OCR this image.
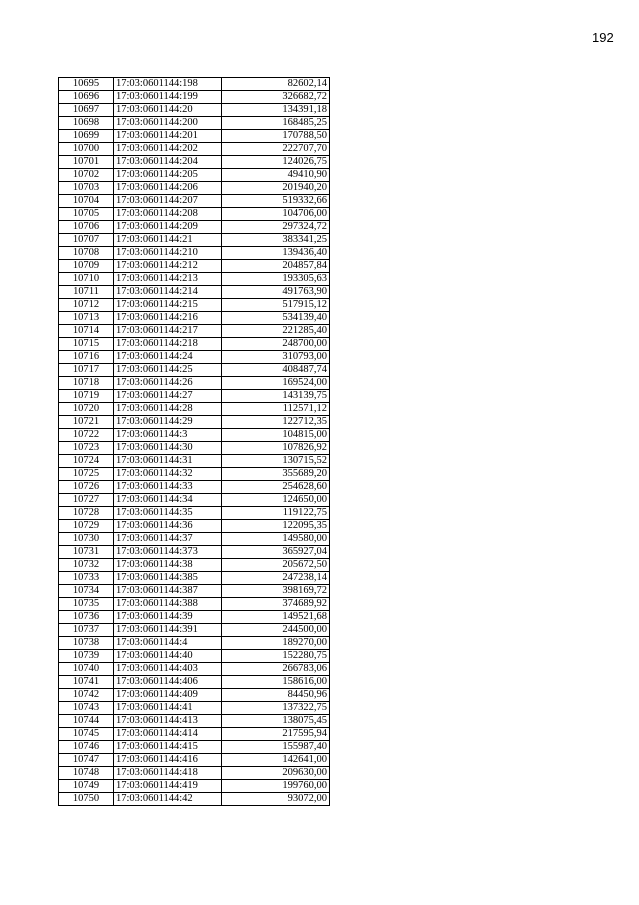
192
10695	17:03:0601144:198	82602,14
10696	17:03:0601144:199	326682,72
10697	17:03:0601144:20	134391,18
10698	17:03:0601144:200	168485,25
10699	17:03:0601144:201	170788,50
10700	17:03:0601144:202	222707,70
10701	17:03:0601144:204	124026,75
10702	17:03:0601144:205	49410,90
10703	17:03:0601144:206	201940,20
10704	17:03:0601144:207	519332,66
10705	17:03:0601144:208	104706,00
10706	17:03:0601144:209	297324,72
10707	17:03:0601144:21	383341,25
10708	17:03:0601144:210	139436,40
10709	17:03:0601144:212	204857,84
10710	17:03:0601144:213	193305,63
10711	17:03:0601144:214	491763,90
10712	17:03:0601144:215	517915,12
10713	17:03:0601144:216	534139,40
10714	17:03:0601144:217	221285,40
10715	17:03:0601144:218	248700,00
10716	17:03:0601144:24	310793,00
10717	17:03:0601144:25	408487,74
10718	17:03:0601144:26	169524,00
10719	17:03:0601144:27	143139,75
10720	17:03:0601144:28	112571,12
10721	17:03:0601144:29	122712,35
10722	17:03:0601144:3	104815,00
10723	17:03:0601144:30	107826,92
10724	17:03:0601144:31	130715,52
10725	17:03:0601144:32	355689,20
10726	17:03:0601144:33	254628,60
10727	17:03:0601144:34	124650,00
10728	17:03:0601144:35	119122,75
10729	17:03:0601144:36	122095,35
10730	17:03:0601144:37	149580,00
10731	17:03:0601144:373	365927,04
10732	17:03:0601144:38	205672,50
10733	17:03:0601144:385	247238,14
10734	17:03:0601144:387	398169,72
10735	17:03:0601144:388	374689,92
10736	17:03:0601144:39	149521,68
10737	17:03:0601144:391	244500,00
10738	17:03:0601144:4	189270,00
10739	17:03:0601144:40	152280,75
10740	17:03:0601144:403	266783,06
10741	17:03:0601144:406	158616,00
10742	17:03:0601144:409	84450,96
10743	17:03:0601144:41	137322,75
10744	17:03:0601144:413	138075,45
10745	17:03:0601144:414	217595,94
10746	17:03:0601144:415	155987,40
10747	17:03:0601144:416	142641,00
10748	17:03:0601144:418	209630,00
10749	17:03:0601144:419	199760,00
10750	17:03:0601144:42	93072,00
